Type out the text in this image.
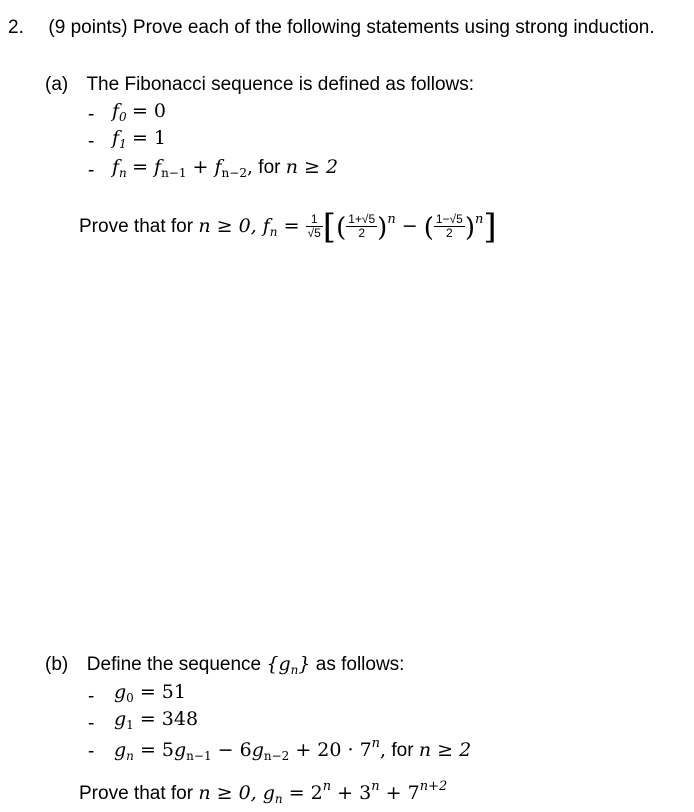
2. (9 points) Prove each of the following statements using strong induction.
(a) The Fibonacci sequence is defined as follows:
- $f_0 = 0$
- $f_1 = 1$
- $f_n = f_{n-1} + f_{n-2}$, for n ≥ 2
Prove that for n ≥ 0, $f_n = \frac{1}{√5}$ [( $\frac{1+√5}{2} )^n$ − ( $\frac{1-√5}{2} )^n$]
(b) Define the sequence $\{g_n\}$ as follows:
- $g_0 = 51$
- $g_1 = 348$
- $g_n = 5g_{n-1} - 6g_{n-2} + 20 \cdot 7^n$, for n ≥ 2
Prove that for n ≥ 0, $g_n = 2^n + 3^n + 7^{n+2}$
